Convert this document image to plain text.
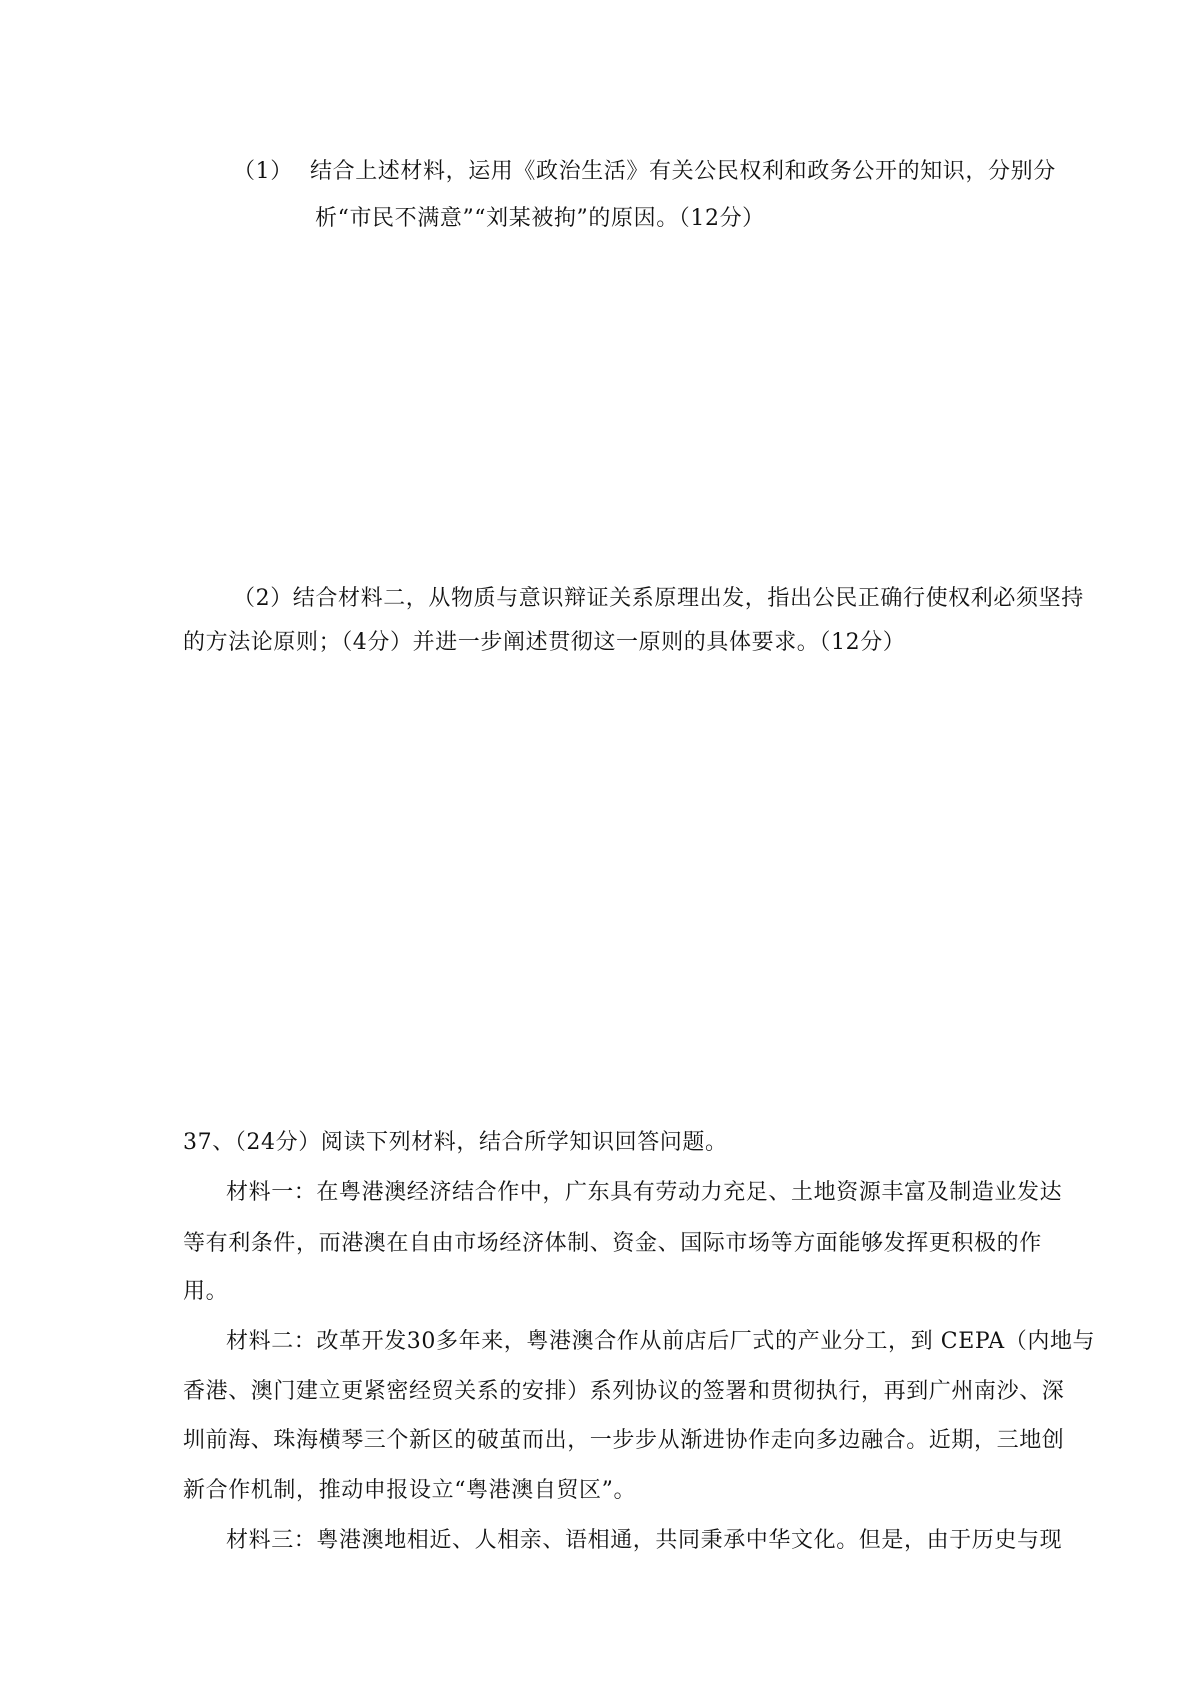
（1） 结合上述材料，运用《政治生活》有关公民权利和政务公开的知识，分别分
析“市民不满意”“刘某被拘”的原因。（12分）
（2）结合材料二，从物质与意识辩证关系原理出发，指出公民正确行使权利必须坚持
的方法论原则；（4分）并进一步阐述贯彻这一原则的具体要求。（12分）
37、（24分）阅读下列材料，结合所学知识回答问题。
材料一：在粤港澳经济结合作中，广东具有劳动力充足、土地资源丰富及制造业发达
等有利条件，而港澳在自由市场经济体制、资金、国际市场等方面能够发挥更积极的作
用。
材料二：改革开发30多年来，粤港澳合作从前店后厂式的产业分工，到 CEPA（内地与
香港、澳门建立更紧密经贸关系的安排）系列协议的签署和贯彻执行，再到广州南沙、深
圳前海、珠海横琴三个新区的破茧而出，一步步从渐进协作走向多边融合。近期，三地创
新合作机制，推动申报设立“粤港澳自贸区”。
材料三：粤港澳地相近、人相亲、语相通，共同秉承中华文化。但是，由于历史与现
